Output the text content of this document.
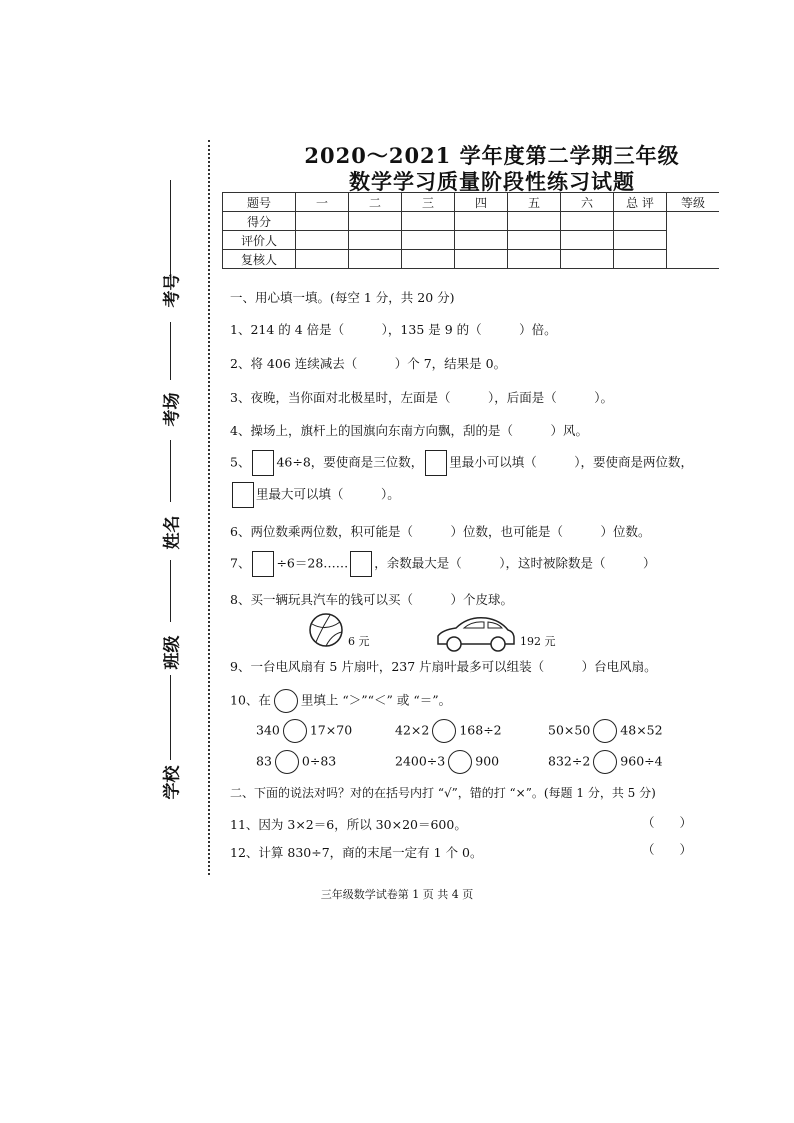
考号
考场
姓名
班级
学校
2020～2021 学年度第二学期三年级
数学学习质量阶段性练习试题
题号	一	二	三	四	五	六	总 评	等级
得分								
评价人								
复核人								
一、用心填一填。(每空 1 分，共 20 分)
1、214 的 4 倍是（　　　），135 是 9 的（　　　）倍。
2、将 406 连续减去（　　　）个 7，结果是 0。
3、夜晚，当你面对北极星时，左面是（　　　），后面是（　　　）。
4、操场上，旗杆上的国旗向东南方向飘，刮的是（　　　）风。
5、 46÷8，要使商是三位数， 里最小可以填（　　　），要使商是两位数，
里最大可以填（　　　）。
6、两位数乘两位数，积可能是（　　　）位数，也可能是（　　　）位数。
7、 ÷6＝28…… ，余数最大是（　　　），这时被除数是（　　　）
8、买一辆玩具汽车的钱可以买（　　　）个皮球。
6 元	192 元
9、一台电风扇有 5 片扇叶，237 片扇叶最多可以组装（　　　）台电风扇。
10、在 里填上 “＞”“＜” 或 “＝”。
340 17×70	42×2 168÷2	50×50 48×52
83 0÷83	2400÷3 900	832÷2 960÷4
二、下面的说法对吗？对的在括号内打 “√”，错的打 “×”。(每题 1 分，共 5 分)
11、因为 3×2＝6，所以 30×20＝600。	（　　）
12、计算 830÷7，商的末尾一定有 1 个 0。	（　　）
三年级数学试卷第 1 页 共 4 页
